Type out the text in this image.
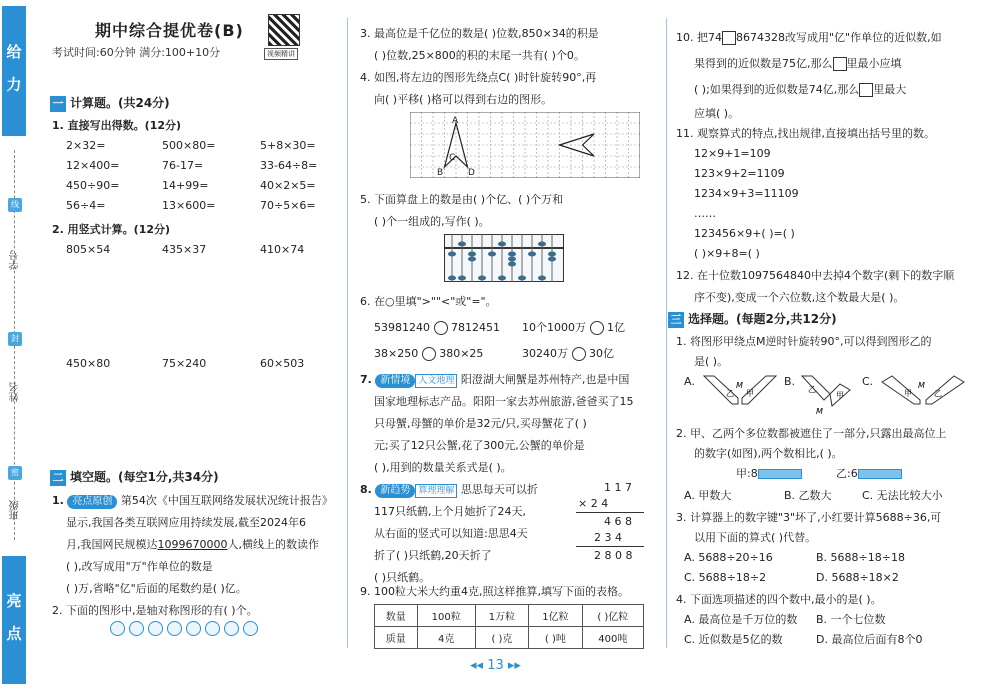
给 力
线
封
密
学号
姓名
班级
亮 点
期中综合提优卷(B)
考试时间:60分钟 满分:100+10分	视频精讲
一 计算题。(共24分)
1. 直接写出得数。(12分)
2×32=	500×80=	5+8×30=
12×400=	76-17=	33-64÷8=
450÷90=	14+99=	40×2×5=
56÷4=	13×600=	70÷5×6=
2. 用竖式计算。(12分)
805×54	435×37	410×74
450×80	75×240	60×503
二 填空题。(每空1分,共34分)
1. 亮点原创 第54次《中国互联网络发展状况统计报告》
显示,我国各类互联网应用持续发展,截至2024年6
月,我国网民规模达1099670000人,横线上的数读作
( ),改写成用"万"作单位的数是
( )万,省略"亿"后面的尾数约是( )亿。
2. 下面的图形中,是轴对称图形的有( )个。
3. 最高位是千亿位的数是( )位数,850×34的积是
( )位数,25×800的积的末尾一共有( )个0。
4. 如图,将左边的图形先绕点C( )时针旋转90°,再
向( )平移( )格可以得到右边的图形。
A
B
C
D
5. 下面算盘上的数是由( )个亿、( )个万和
( )个一组成的,写作( )。
6. 在○里填">""<"或"="。
53981240 7812451 10个1000万 1亿
38×250 380×25	30240万 30亿
7. 新情境 人文地理 阳澄湖大闸蟹是苏州特产,也是中国
国家地理标志产品。阳阳一家去苏州旅游,爸爸买了15
只母蟹,母蟹的单价是32元/只,买母蟹花了( )
元;买了12只公蟹,花了300元,公蟹的单价是
( ),用到的数量关系式是( )。
8. 新趋势 算理理解 思思每天可以折
117只纸鹤,上个月她折了24天,
从右面的竖式可以知道:思思4天
折了( )只纸鹤,20天折了
( )只纸鹤。
1 1 7
× 2 4
4 6 8
2 3 4
2 8 0 8
9. 100粒大米大约重4克,照这样推算,填写下面的表格。
数量	100粒	1万粒	1亿粒	( )亿粒
质量	4克	( )克	( )吨	400吨
10. 把74 8674328改写成用"亿"作单位的近似数,如
果得到的近似数是75亿,那么 里最小应填
( );如果得到的近似数是74亿,那么 里最大
应填( )。
11. 观察算式的特点,找出规律,直接填出括号里的数。
12×9+1=109
123×9+2=1109
1234×9+3=11109
……
123456×9+( )=( )
( )×9+8=( )
12. 在十位数1097564840中去掉4个数字(剩下的数字顺
序不变),变成一个六位数,这个数最大是( )。
三 选择题。(每题2分,共12分)
1. 将图形甲绕点M逆时针旋转90°,可以得到图形乙的
是( )。
A.
乙 甲
M	B.
乙
甲
M
C.
甲	乙
M
2. 甲、乙两个多位数都被遮住了一部分,只露出最高位上
的数字(如图),两个数相比,( )。
甲:8	乙:6
A. 甲数大	B. 乙数大	C. 无法比较大小
3. 计算器上的数字键"3"坏了,小红要计算5688÷36,可
以用下面的算式( )代替。
A. 5688÷20÷16	B. 5688÷18÷18
C. 5688÷18÷2	D. 5688÷18×2
4. 下面选项描述的四个数中,最小的是( )。
A. 最高位是千万位的数 B. 一个七位数
C. 近似数是5亿的数	D. 最高位后面有8个0
◂◂ 13 ▸▸
